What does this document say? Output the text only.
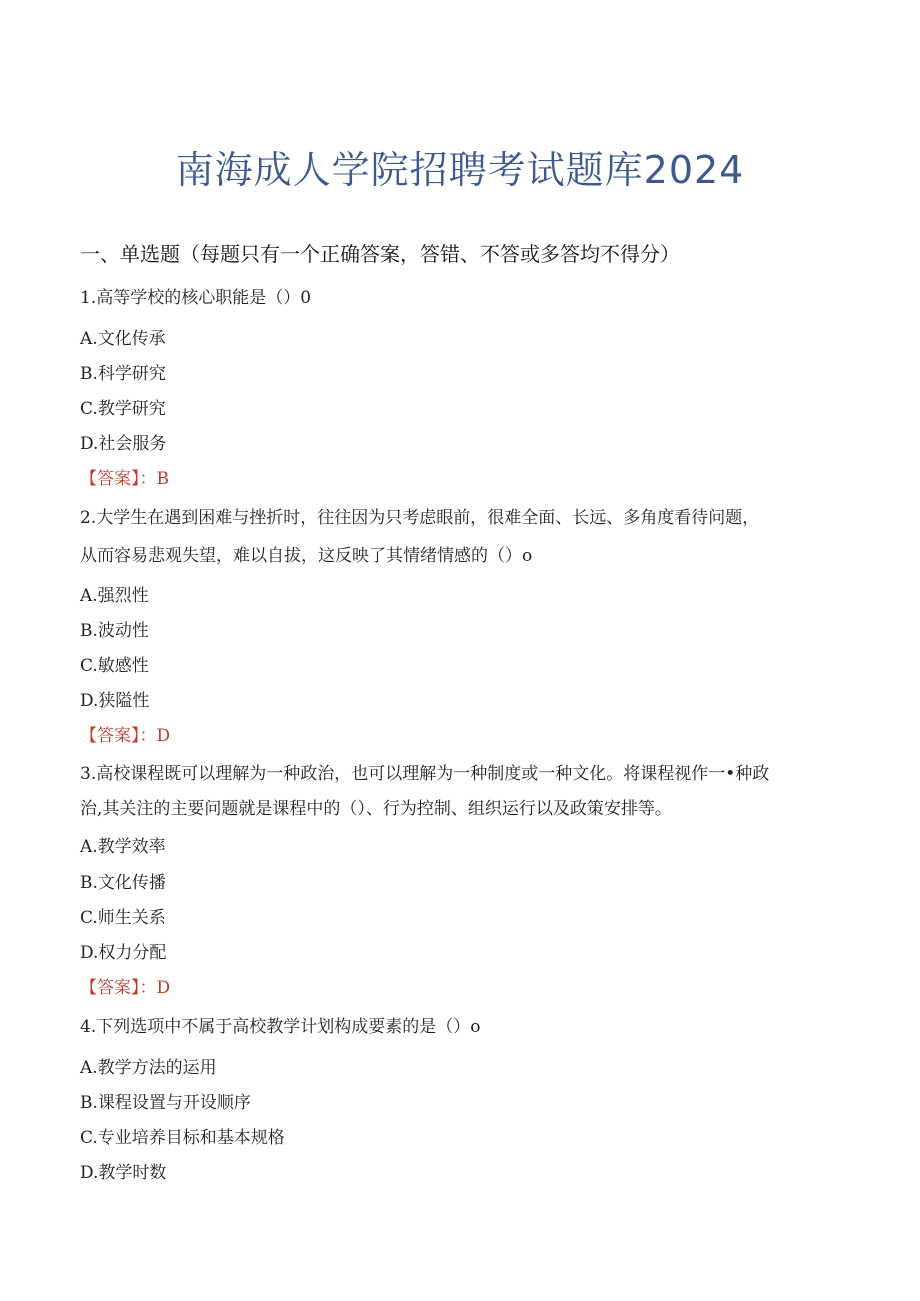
南海成人学院招聘考试题库2024
一、单选题（每题只有一个正确答案，答错、不答或多答均不得分）
1.高等学校的核心职能是（）0
A.文化传承
B.科学研究
C.教学研究
D.社会服务
【答案】：B
2.大学生在遇到困难与挫折时，往往因为只考虑眼前，很难全面、长远、多角度看待问题，
从而容易悲观失望，难以自拔，这反映了其情绪情感的（）o
A.强烈性
B.波动性
C.敏感性
D.狭隘性
【答案】：D
3.高校课程既可以理解为一种政治，也可以理解为一种制度或一种文化。将课程视作一•种政
治,其关注的主要问题就是课程中的（）、行为控制、组织运行以及政策安排等。
A.教学效率
B.文化传播
C.师生关系
D.权力分配
【答案】：D
4.下列选项中不属于高校教学计划构成要素的是（）o
A.教学方法的运用
B.课程设置与开设顺序
C.专业培养目标和基本规格
D.教学时数
